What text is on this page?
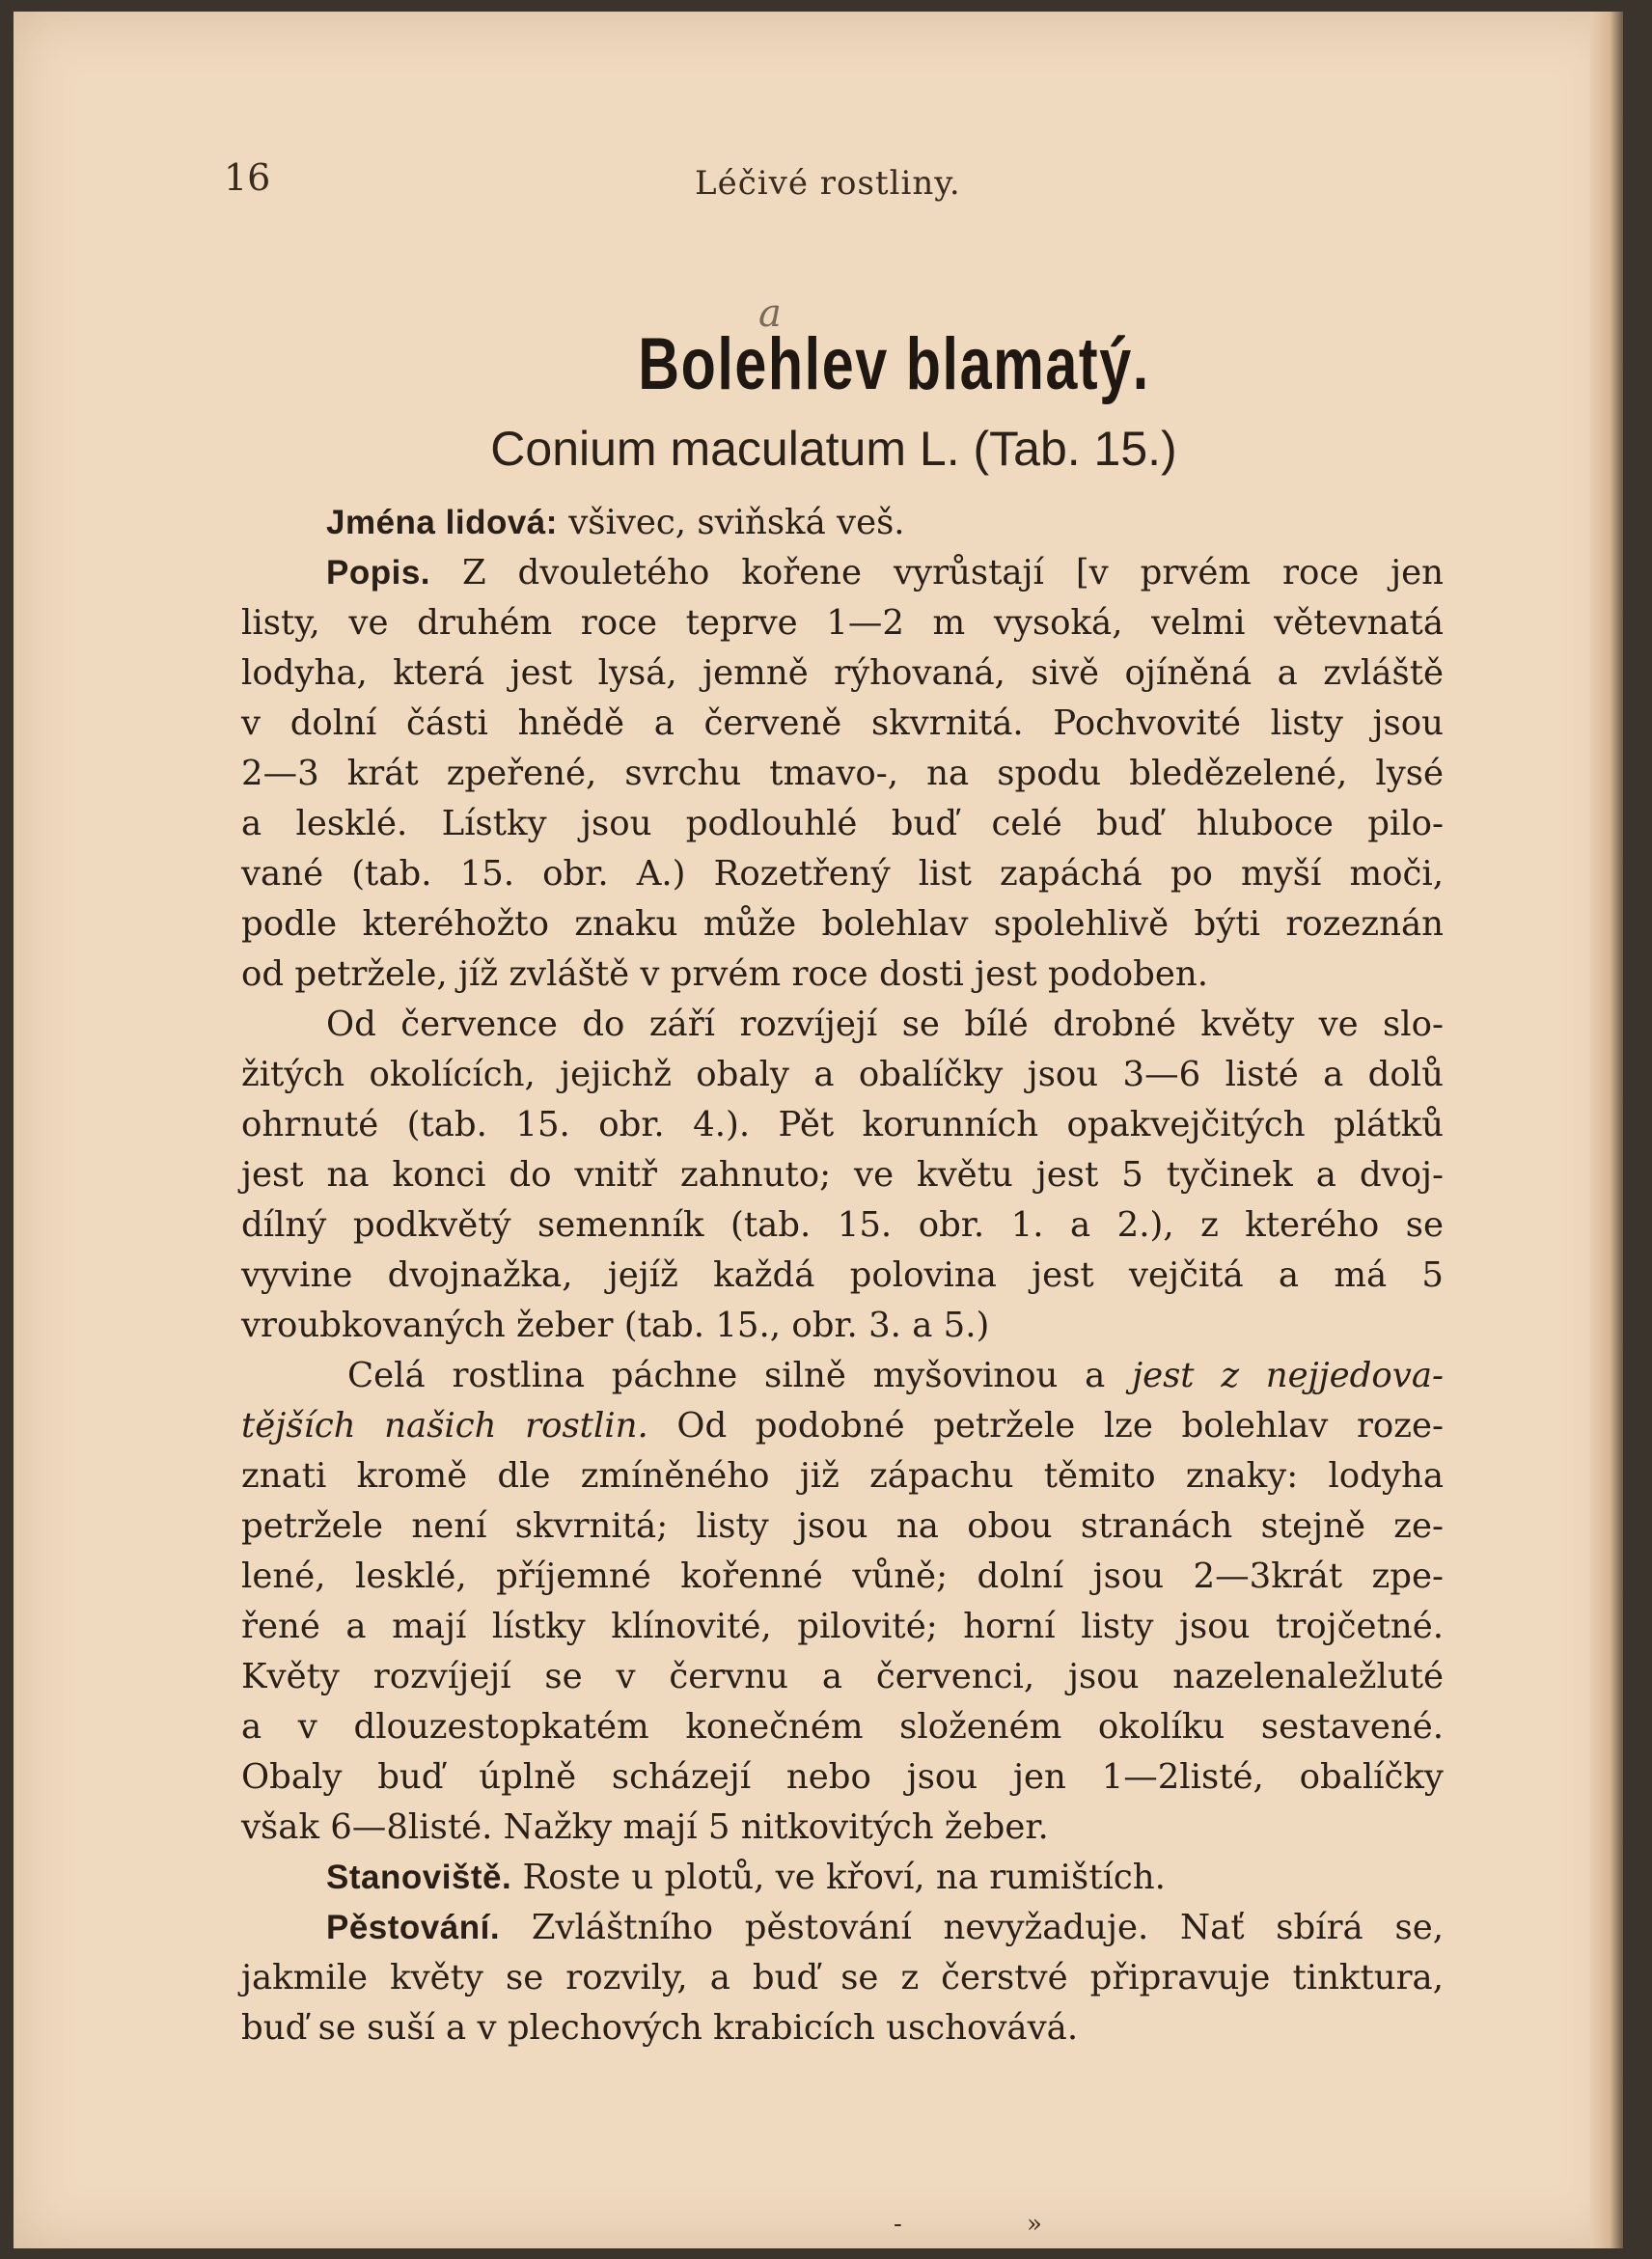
16	Léčivé rostliny.
a
Bolehlev blamatý.
Conium maculatum L. (Tab. 15.)
Jména lidová: všivec, sviňská veš.
Popis. Z dvouletého kořene vyrůstají [v prvém roce jen
listy, ve druhém roce teprve 1—2 m vysoká, velmi větevnatá
lodyha, která jest lysá, jemně rýhovaná, sivě ojíněná a zvláště
v dolní části hnědě a červeně skvrnitá. Pochvovité listy jsou
2—3 krát zpeřené, svrchu tmavo-, na spodu bledězelené, lysé
a lesklé. Lístky jsou podlouhlé buď celé buď hluboce pilo-
vané (tab. 15. obr. A.) Rozetřený list zapáchá po myší moči,
podle kteréhožto znaku může bolehlav spolehlivě býti rozeznán
od petržele, jíž zvláště v prvém roce dosti jest podoben.
Od července do září rozvíjejí se bílé drobné květy ve slo-
žitých okolících, jejichž obaly a obalíčky jsou 3—6 listé a dolů
ohrnuté (tab. 15. obr. 4.). Pět korunních opakvejčitých plátků
jest na konci do vnitř zahnuto; ve květu jest 5 tyčinek a dvoj-
dílný podkvětý semenník (tab. 15. obr. 1. a 2.), z kterého se
vyvine dvojnažka, jejíž každá polovina jest vejčitá a má 5
vroubkovaných žeber (tab. 15., obr. 3. a 5.)
Celá rostlina páchne silně myšovinou a jest z nejjedova-
tějších našich rostlin. Od podobné petržele lze bolehlav roze-
znati kromě dle zmíněného již zápachu těmito znaky: lodyha
petržele není skvrnitá; listy jsou na obou stranách stejně ze-
lené, lesklé, příjemné kořenné vůně; dolní jsou 2—3krát zpe-
řené a mají lístky klínovité, pilovité; horní listy jsou trojčetné.
Květy rozvíjejí se v červnu a červenci, jsou nazelenaležluté
a v dlouzestopkatém konečném složeném okolíku sestavené.
Obaly buď úplně scházejí nebo jsou jen 1—2listé, obalíčky
však 6—8listé. Nažky mají 5 nitkovitých žeber.
Stanoviště. Roste u plotů, ve křoví, na rumištích.
Pěstování. Zvláštního pěstování nevyžaduje. Nať sbírá se,
jakmile květy se rozvily, a buď se z čerstvé připravuje tinktura,
buď se suší a v plechových krabicích uschovává.
-	»
